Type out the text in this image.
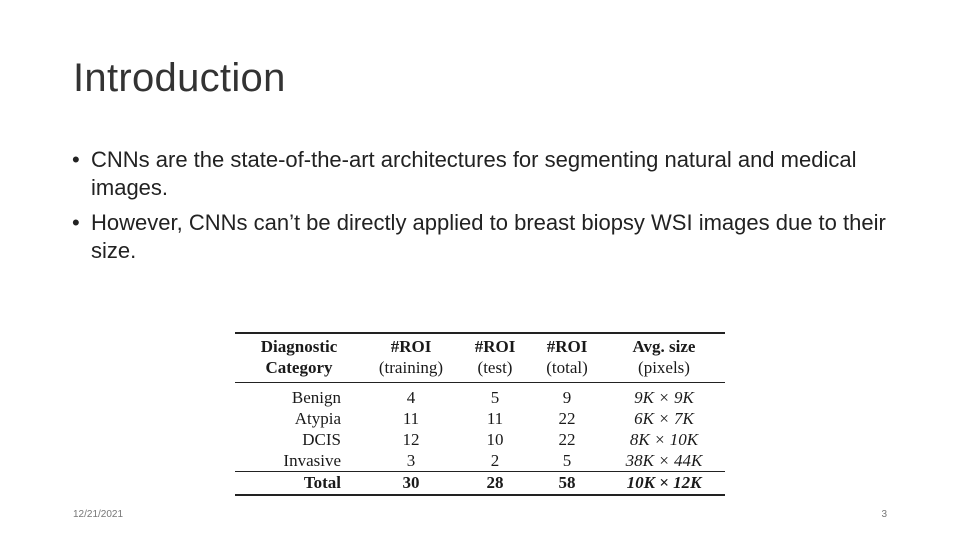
Introduction
• CNNs are the state-of-the-art architectures for segmenting natural and medical images.
• However, CNNs can’t be directly applied to breast biopsy WSI images due to their size.
Diagnostic	#ROI	#ROI	#ROI	Avg. size
Category	(training)	(test)	(total)	(pixels)
Benign	4	5	9	9K × 9K
Atypia	11	11	22	6K × 7K
DCIS	12	10	22	8K × 10K
Invasive	3	2	5	38K × 44K
Total	30	28	58	10K × 12K
12/21/2021	3
